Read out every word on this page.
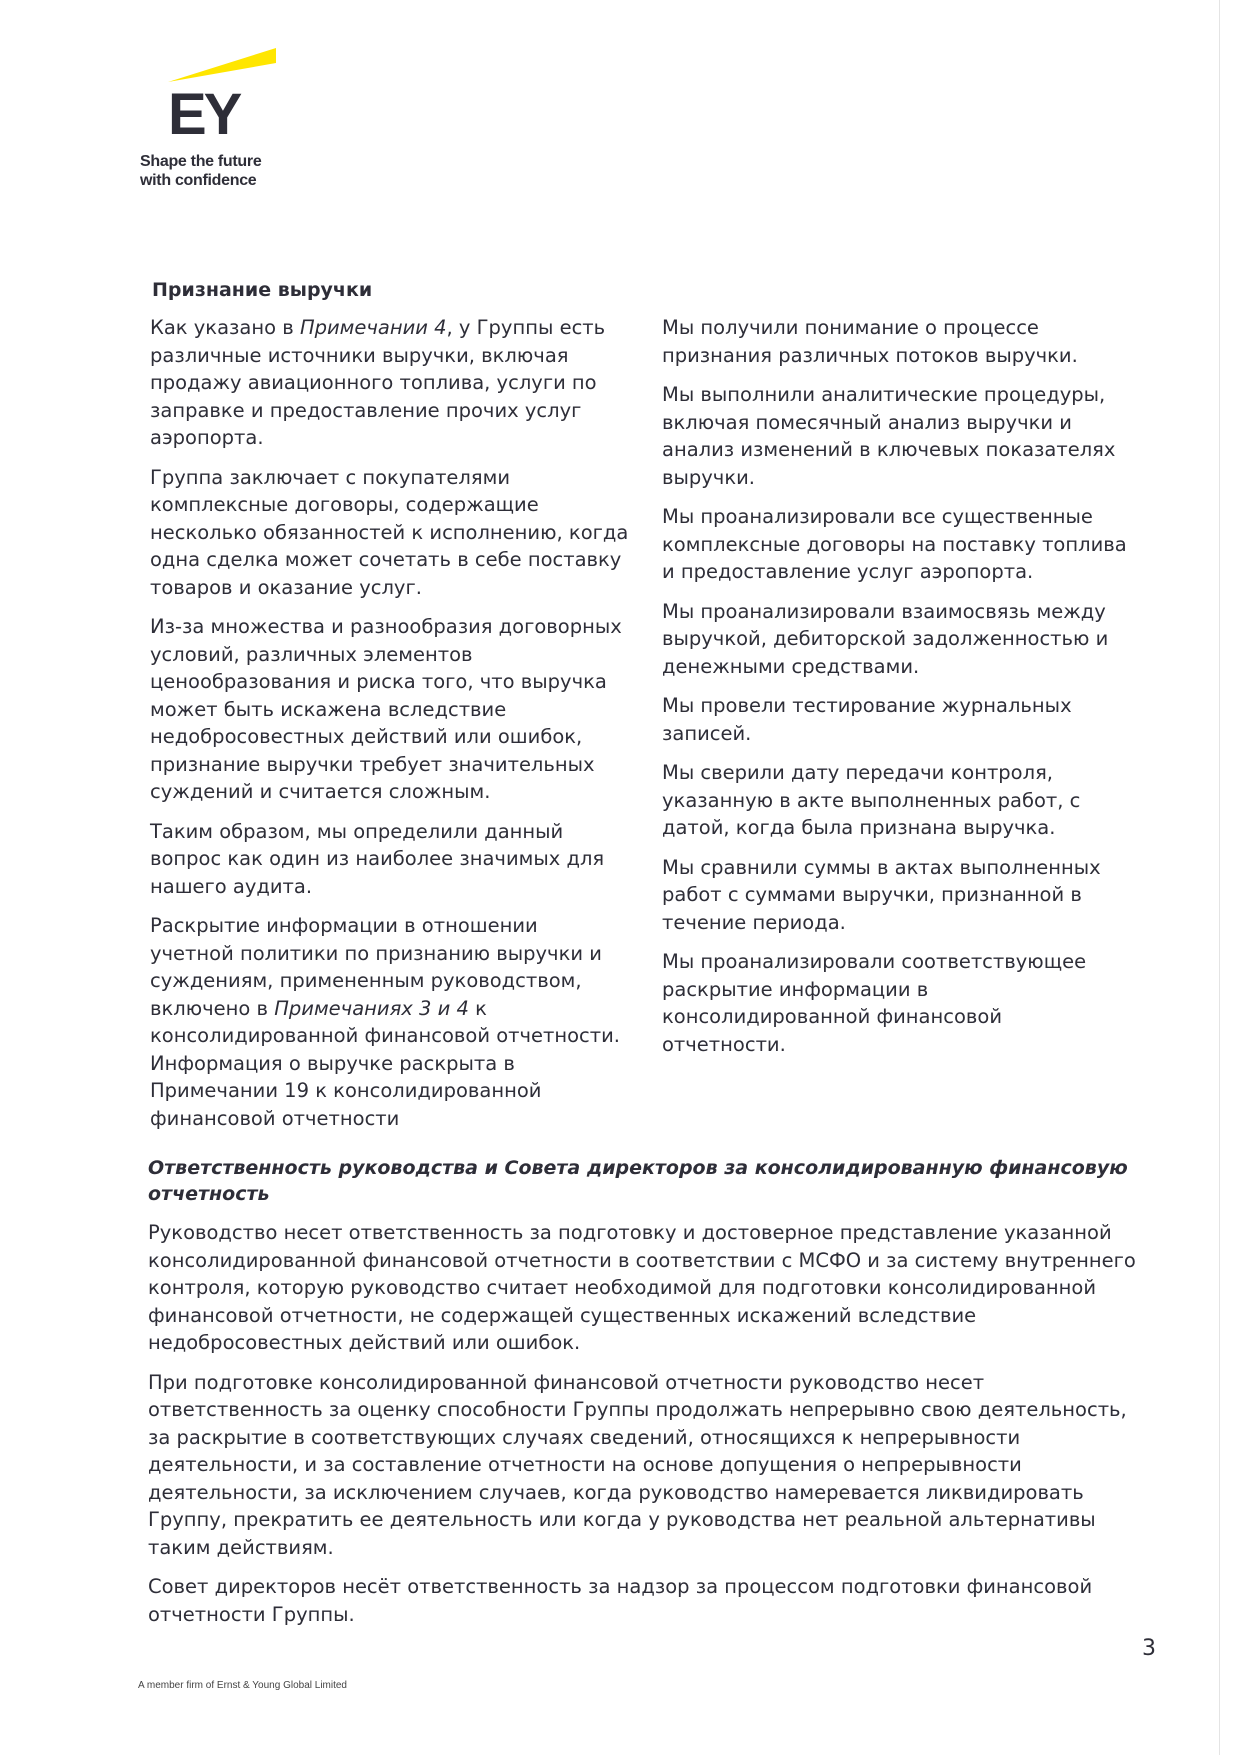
EY
Shape the future
with confidence
Признание выручки

Как указано в Примечании 4, у Группы есть
различные источники выручки, включая
продажу авиационного топлива, услуги по
заправке и предоставление прочих услуг
аэропорта.

Группа заключает с покупателями
комплексные договоры, содержащие
несколько обязанностей к исполнению, когда
одна сделка может сочетать в себе поставку
товаров и оказание услуг.

Из-за множества и разнообразия договорных
условий, различных элементов
ценообразования и риска того, что выручка
может быть искажена вследствие
недобросовестных действий или ошибок,
признание выручки требует значительных
суждений и считается сложным.

Таким образом, мы определили данный
вопрос как один из наиболее значимых для
нашего аудита.

Раскрытие информации в отношении
учетной политики по признанию выручки и
суждениям, примененным руководством,
включено в Примечаниях 3 и 4 к
консолидированной финансовой отчетности.
Информация о выручке раскрыта в
Примечании 19 к консолидированной
финансовой отчетности

Мы получили понимание о процессе
признания различных потоков выручки.

Мы выполнили аналитические процедуры,
включая помесячный анализ выручки и
анализ изменений в ключевых показателях
выручки.

Мы проанализировали все существенные
комплексные договоры на поставку топлива
и предоставление услуг аэропорта.

Мы проанализировали взаимосвязь между
выручкой, дебиторской задолженностью и
денежными средствами.

Мы провели тестирование журнальных
записей.

Мы сверили дату передачи контроля,
указанную в акте выполненных работ, с
датой, когда была признана выручка.

Мы сравнили суммы в актах выполненных
работ с суммами выручки, признанной в
течение периода.

Мы проанализировали соответствующее
раскрытие информации в
консолидированной финансовой
отчетности.

Ответственность руководства и Совета директоров за консолидированную финансовую
отчетность

Руководство несет ответственность за подготовку и достоверное представление указанной
консолидированной финансовой отчетности в соответствии с МСФО и за систему внутреннего
контроля, которую руководство считает необходимой для подготовки консолидированной
финансовой отчетности, не содержащей существенных искажений вследствие
недобросовестных действий или ошибок.

При подготовке консолидированной финансовой отчетности руководство несет
ответственность за оценку способности Группы продолжать непрерывно свою деятельность,
за раскрытие в соответствующих случаях сведений, относящихся к непрерывности
деятельности, и за составление отчетности на основе допущения о непрерывности
деятельности, за исключением случаев, когда руководство намеревается ликвидировать
Группу, прекратить ее деятельность или когда у руководства нет реальной альтернативы
таким действиям.

Совет директоров несёт ответственность за надзор за процессом подготовки финансовой
отчетности Группы.

3
A member firm of Ernst & Young Global Limited
